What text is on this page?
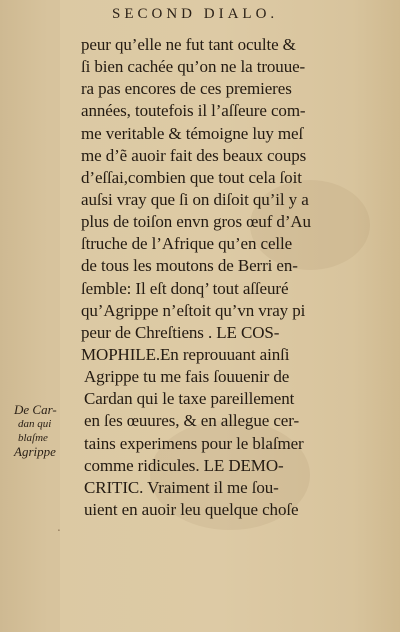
SECOND DIALO.
peur qu’elle ne fut tant oculte &
ſi bien cachée qu’on ne la trouue-
ra pas encores de ces premieres
années, toutefois il l’aſſeure com-
me veritable & témoigne luy meſ
me d’ẽ auoir fait des beaux coups
d’eſſai,combien que tout cela ſoit
auſsi vray que ſi on diſoit qu’il y a
plus de toiſon envn gros œuf d’Au
ſtruche de l’Afrique qu’en celle
de tous les moutons de Berri en-
ſemble: Il eſt donq’ tout aſſeuré
qu’Agrippe n’eſtoit qu’vn vray pi
peur de Chreſtiens . LE COS-
MOPHILE.En reprouuant ainſi
Agrippe tu me fais ſouuenir de
Cardan qui le taxe pareillement
en ſes œuures, & en allegue cer-
tains experimens pour le blaſmer
comme ridicules. LE DEMO-
CRITIC. Vraiment il me ſou-
uient en auoir leu quelque choſe
De Car-
dan qui
blaſme
Agrippe
.
